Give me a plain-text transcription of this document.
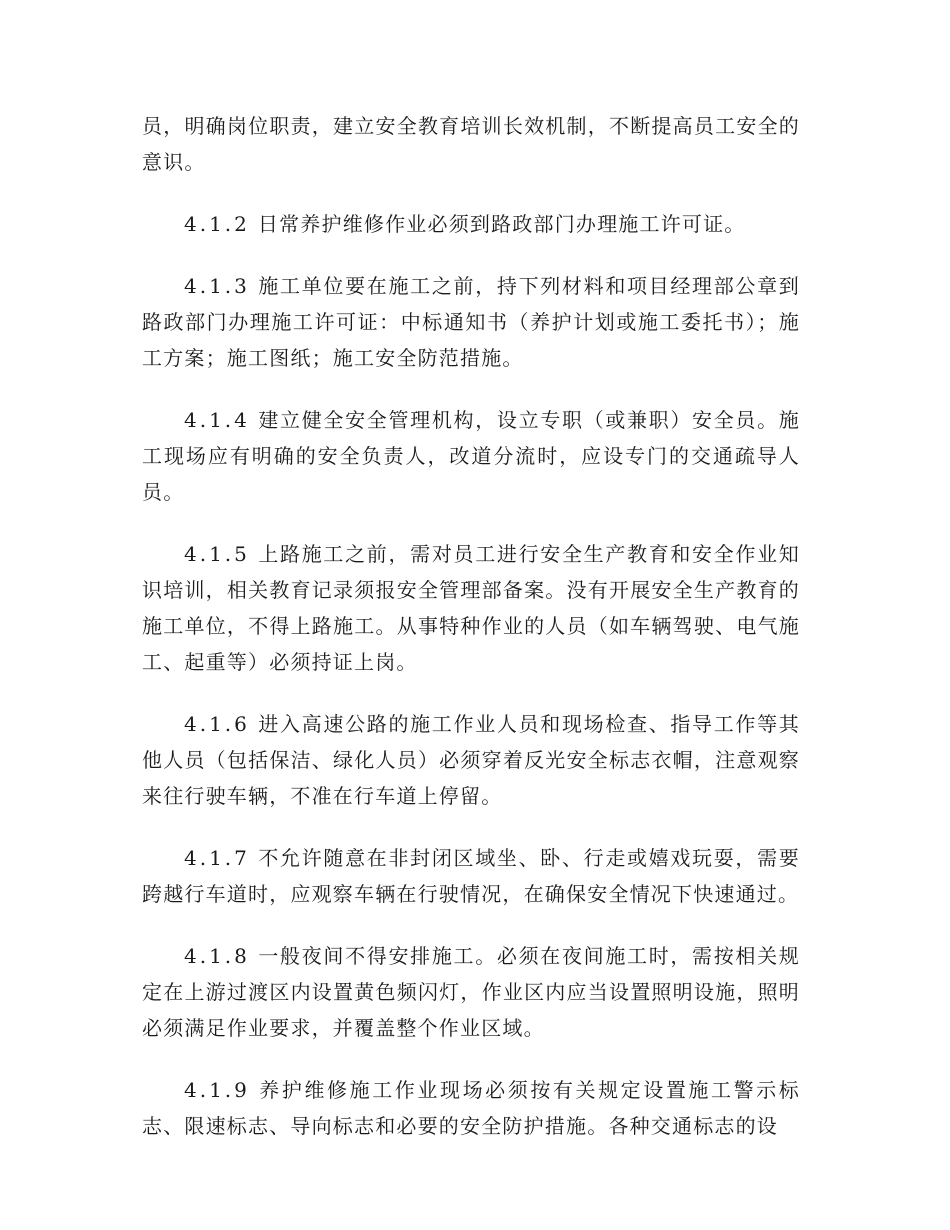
员，明确岗位职责，建立安全教育培训长效机制，不断提高员工安全的意识。

4.1.2 日常养护维修作业必须到路政部门办理施工许可证。

4.1.3 施工单位要在施工之前，持下列材料和项目经理部公章到路政部门办理施工许可证：中标通知书（养护计划或施工委托书）；施工方案；施工图纸；施工安全防范措施。

4.1.4 建立健全安全管理机构，设立专职（或兼职）安全员。施工现场应有明确的安全负责人，改道分流时，应设专门的交通疏导人员。

4.1.5 上路施工之前，需对员工进行安全生产教育和安全作业知识培训，相关教育记录须报安全管理部备案。没有开展安全生产教育的施工单位，不得上路施工。从事特种作业的人员（如车辆驾驶、电气施工、起重等）必须持证上岗。

4.1.6 进入高速公路的施工作业人员和现场检查、指导工作等其他人员（包括保洁、绿化人员）必须穿着反光安全标志衣帽，注意观察来往行驶车辆，不准在行车道上停留。

4.1.7 不允许随意在非封闭区域坐、卧、行走或嬉戏玩耍，需要跨越行车道时，应观察车辆在行驶情况，在确保安全情况下快速通过。

4.1.8 一般夜间不得安排施工。必须在夜间施工时，需按相关规定在上游过渡区内设置黄色频闪灯，作业区内应当设置照明设施，照明必须满足作业要求，并覆盖整个作业区域。

4.1.9 养护维修施工作业现场必须按有关规定设置施工警示标志、限速标志、导向标志和必要的安全防护措施。各种交通标志的设
